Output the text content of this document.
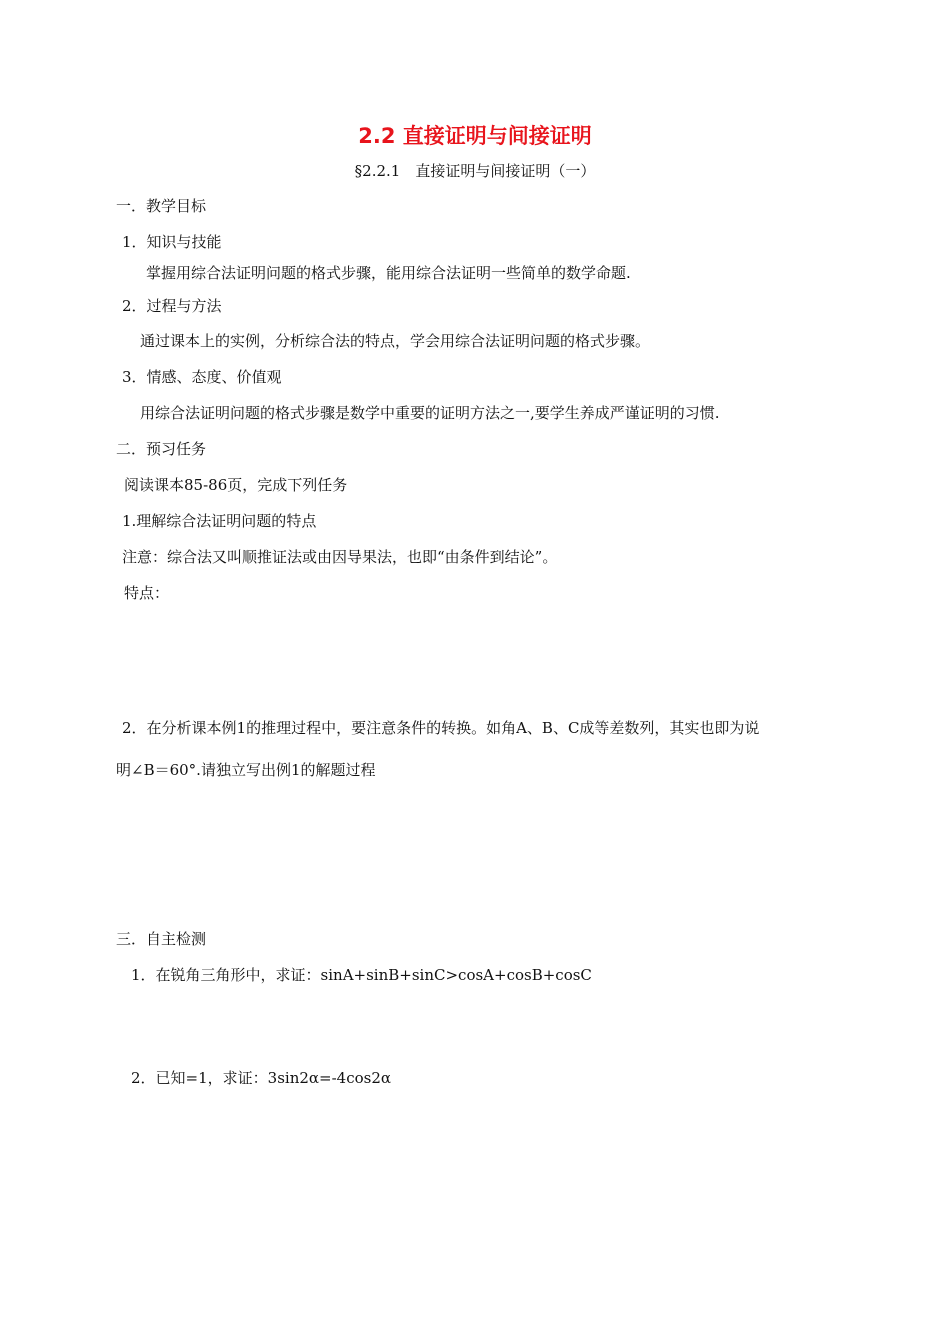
2.2 直接证明与间接证明
§2.2.1　直接证明与间接证明（一）
一．教学目标
1．知识与技能
掌握用综合法证明问题的格式步骤，能用综合法证明一些简单的数学命题.
2．过程与方法
通过课本上的实例，分析综合法的特点，学会用综合法证明问题的格式步骤。
3．情感、态度、价值观
用综合法证明问题的格式步骤是数学中重要的证明方法之一,要学生养成严谨证明的习惯.
二．预习任务
阅读课本85-86页，完成下列任务
1.理解综合法证明问题的特点
注意：综合法又叫顺推证法或由因导果法，也即“由条件到结论”。
特点：
2．在分析课本例1的推理过程中，要注意条件的转换。如角A、B、C成等差数列，其实也即为说
明∠B＝60°.请独立写出例1的解题过程
三．自主检测
1．在锐角三角形中，求证：sinA+sinB+sinC>cosA+cosB+cosC
2．已知=1，求证：3sin2α=-4cos2α
